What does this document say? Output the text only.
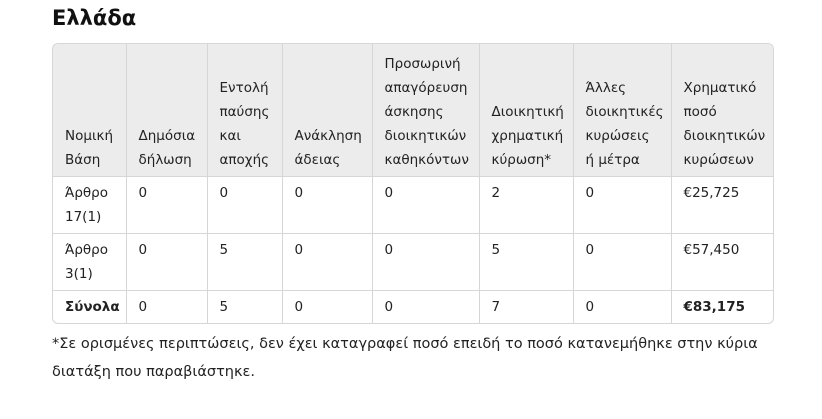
Ελλάδα
Νομική Βάση	Δημόσια δήλωση	Εντολή παύσης και αποχής	Ανάκληση άδειας	Προσωρινή απαγόρευση άσκησης διοικητικών καθηκόντων	Διοικητική χρηματική κύρωση*	Άλλες διοικητικές κυρώσεις ή μέτρα	Χρηματικό ποσό διοικητικών κυρώσεων
Άρθρο 17(1)	0	0	0	0	2	0	€25,725
Άρθρο 3(1)	0	5	0	0	5	0	€57,450
Σύνολα	0	5	0	0	7	0	€83,175

*Σε ορισμένες περιπτώσεις, δεν έχει καταγραφεί ποσό επειδή το ποσό κατανεμήθηκε στην κύρια διατάξη που παραβιάστηκε.
